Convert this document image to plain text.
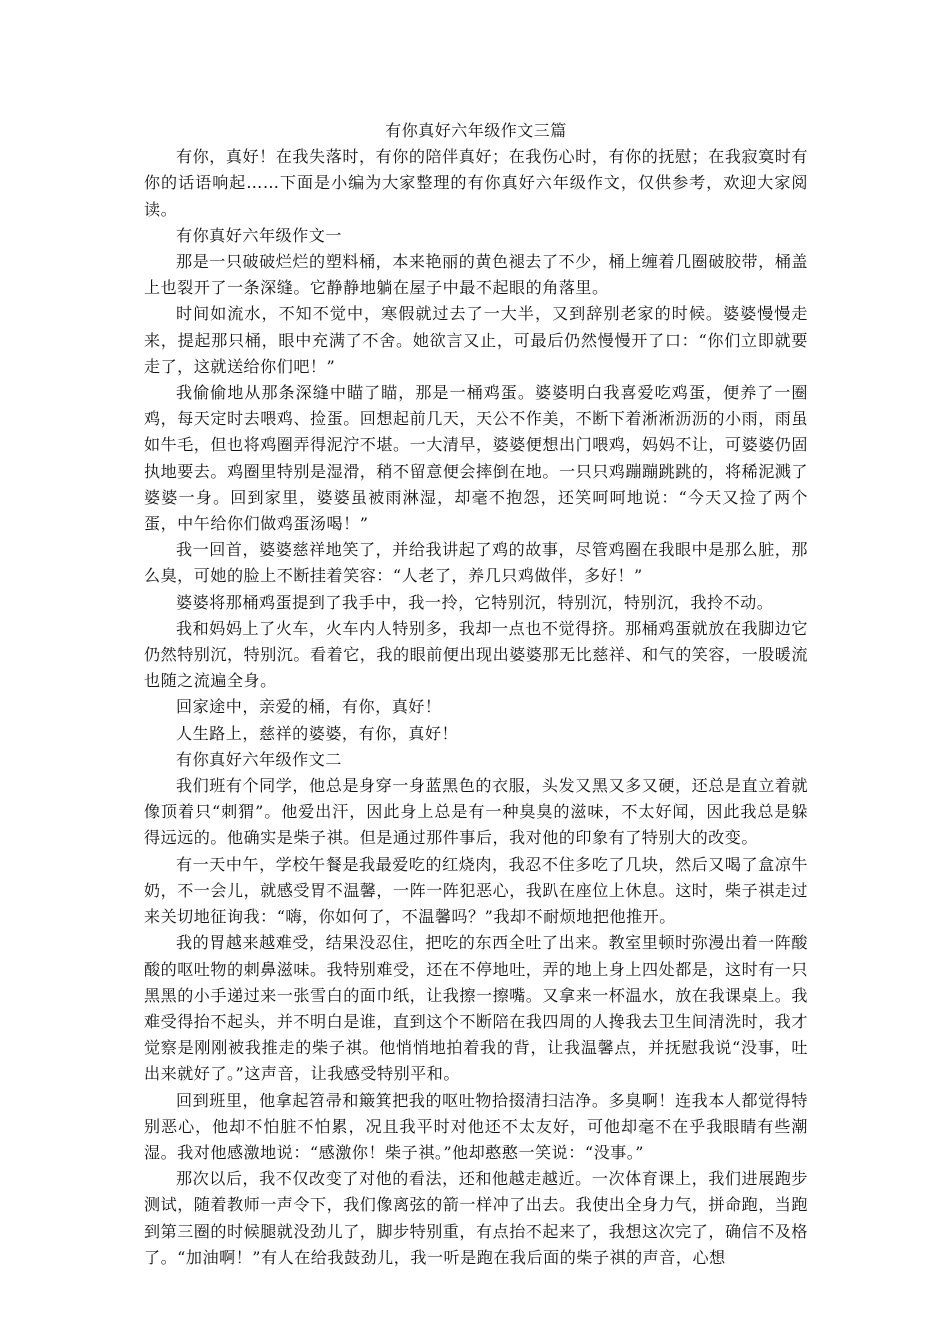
有你真好六年级作文三篇

有你，真好！在我失落时，有你的陪伴真好；在我伤心时，有你的抚慰；在我寂寞时有你的话语响起……下面是小编为大家整理的有你真好六年级作文，仅供参考，欢迎大家阅读。

有你真好六年级作文一

那是一只破破烂烂的塑料桶，本来艳丽的黄色褪去了不少，桶上缠着几圈破胶带，桶盖上也裂开了一条深缝。它静静地躺在屋子中最不起眼的角落里。

时间如流水，不知不觉中，寒假就过去了一大半，又到辞别老家的时候。婆婆慢慢走来，提起那只桶，眼中充满了不舍。她欲言又止，可最后仍然慢慢开了口：“你们立即就要走了，这就送给你们吧！”

我偷偷地从那条深缝中瞄了瞄，那是一桶鸡蛋。婆婆明白我喜爱吃鸡蛋，便养了一圈鸡，每天定时去喂鸡、捡蛋。回想起前几天，天公不作美，不断下着淅淅沥沥的小雨，雨虽如牛毛，但也将鸡圈弄得泥泞不堪。一大清早，婆婆便想出门喂鸡，妈妈不让，可婆婆仍固执地要去。鸡圈里特别是湿滑，稍不留意便会摔倒在地。一只只鸡蹦蹦跳跳的，将稀泥溅了婆婆一身。回到家里，婆婆虽被雨淋湿，却毫不抱怨，还笑呵呵地说：“今天又捡了两个蛋，中午给你们做鸡蛋汤喝！”

我一回首，婆婆慈祥地笑了，并给我讲起了鸡的故事，尽管鸡圈在我眼中是那么脏，那么臭，可她的脸上不断挂着笑容：“人老了，养几只鸡做伴，多好！”

婆婆将那桶鸡蛋提到了我手中，我一拎，它特别沉，特别沉，特别沉，我拎不动。

我和妈妈上了火车，火车内人特别多，我却一点也不觉得挤。那桶鸡蛋就放在我脚边它仍然特别沉，特别沉。看着它，我的眼前便出现出婆婆那无比慈祥、和气的笑容，一股暖流也随之流遍全身。

回家途中，亲爱的桶，有你，真好！

人生路上，慈祥的婆婆，有你，真好！

有你真好六年级作文二

我们班有个同学，他总是身穿一身蓝黑色的衣服，头发又黑又多又硬，还总是直立着就像顶着只“刺猬”。他爱出汗，因此身上总是有一种臭臭的滋味，不太好闻，因此我总是躲得远远的。他确实是柴子祺。但是通过那件事后，我对他的印象有了特别大的改变。

有一天中午，学校午餐是我最爱吃的红烧肉，我忍不住多吃了几块，然后又喝了盒凉牛奶，不一会儿，就感受胃不温馨，一阵一阵犯恶心，我趴在座位上休息。这时，柴子祺走过来关切地征询我：“嗨，你如何了，不温馨吗？”我却不耐烦地把他推开。

我的胃越来越难受，结果没忍住，把吃的东西全吐了出来。教室里顿时弥漫出着一阵酸酸的呕吐物的刺鼻滋味。我特别难受，还在不停地吐，弄的地上身上四处都是，这时有一只黑黑的小手递过来一张雪白的面巾纸，让我擦一擦嘴。又拿来一杯温水，放在我课桌上。我难受得抬不起头，并不明白是谁，直到这个不断陪在我四周的人搀我去卫生间清洗时，我才觉察是刚刚被我推走的柴子祺。他悄悄地拍着我的背，让我温馨点，并抚慰我说“没事，吐出来就好了。”这声音，让我感受特别平和。

回到班里，他拿起笤帚和簸箕把我的呕吐物拾掇清扫洁净。多臭啊！连我本人都觉得特别恶心，他却不怕脏不怕累，况且我平时对他还不太友好，可他却毫不在乎我眼睛有些潮湿。我对他感激地说：“感激你！柴子祺。”他却憨憨一笑说：“没事。”

那次以后，我不仅改变了对他的看法，还和他越走越近。一次体育课上，我们进展跑步测试，随着教师一声令下，我们像离弦的箭一样冲了出去。我使出全身力气，拼命跑，当跑到第三圈的时候腿就没劲儿了，脚步特别重，有点抬不起来了，我想这次完了，确信不及格了。“加油啊！”有人在给我鼓劲儿，我一听是跑在我后面的柴子祺的声音，心想
